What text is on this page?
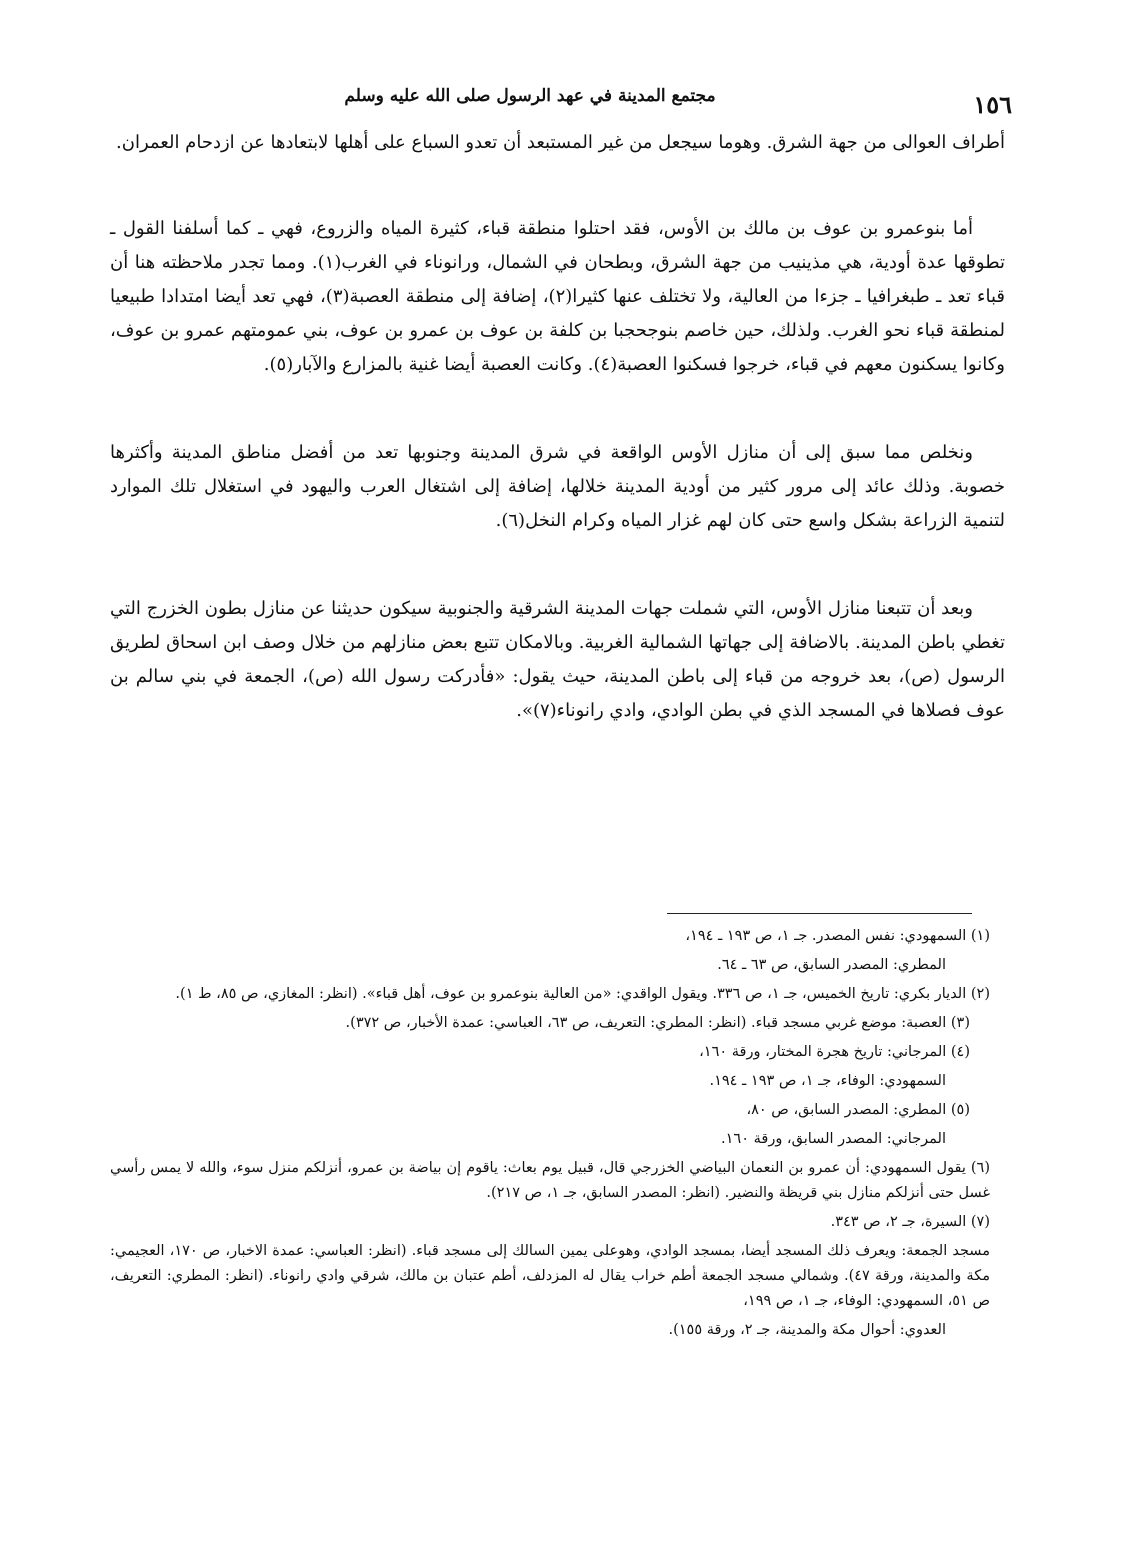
مجتمع المدينة في عهد الرسول صلى الله عليه وسلم	١٥٦

أطراف العوالى من جهة الشرق. وهوما سيجعل من غير المستبعد أن تعدو السباع على أهلها لابتعادها عن ازدحام العمران.

أما بنوعمرو بن عوف بن مالك بن الأوس، فقد احتلوا منطقة قباء، كثيرة المياه والزروع، فهي ـ كما أسلفنا القول ـ تطوقها عدة أودية، هي مذينيب من جهة الشرق، وبطحان في الشمال، ورانوناء في الغرب(١). ومما تجدر ملاحظته هنا أن قباء تعد ـ طبغرافيا ـ جزءا من العالية، ولا تختلف عنها كثيرا(٢)، إضافة إلى منطقة العصبة(٣)، فهي تعد أيضا امتدادا طبيعيا لمنطقة قباء نحو الغرب. ولذلك، حين خاصم بنوجحجبا بن كلفة بن عوف بن عمرو بن عوف، بني عمومتهم عمرو بن عوف، وكانوا يسكنون معهم في قباء، خرجوا فسكنوا العصبة(٤). وكانت العصبة أيضا غنية بالمزارع والآبار(٥).

ونخلص مما سبق إلى أن منازل الأوس الواقعة في شرق المدينة وجنوبها تعد من أفضل مناطق المدينة وأكثرها خصوبة. وذلك عائد إلى مرور كثير من أودية المدينة خلالها، إضافة إلى اشتغال العرب واليهود في استغلال تلك الموارد لتنمية الزراعة بشكل واسع حتى كان لهم غزار المياه وكرام النخل(٦).

وبعد أن تتبعنا منازل الأوس، التي شملت جهات المدينة الشرقية والجنوبية سيكون حديثنا عن منازل بطون الخزرج التي تغطي باطن المدينة. بالاضافة إلى جهاتها الشمالية الغربية. وبالامكان تتبع بعض منازلهم من خلال وصف ابن اسحاق لطريق الرسول (ص)، بعد خروجه من قباء إلى باطن المدينة، حيث يقول: «فأدركت رسول الله (ص)، الجمعة في بني سالم بن عوف فصلاها في المسجد الذي في بطن الوادي، وادي رانوناء(٧)».

(١) السمهودي: نفس المصدر. جـ ١، ص ١٩٣ ـ ١٩٤،
المطري: المصدر السابق، ص ٦٣ ـ ٦٤.
(٢) الديار بكري: تاريخ الخميس، جـ ١، ص ٣٣٦. ويقول الواقدي: «من العالية بنوعمرو بن عوف، أهل قباء». (انظر: المغازي، ص ٨٥، ط ١).
(٣) العصبة: موضع غربي مسجد قباء. (انظر: المطري: التعريف، ص ٦٣، العباسي: عمدة الأخبار، ص ٣٧٢).
(٤) المرجاني: تاريخ هجرة المختار، ورقة ١٦٠،
السمهودي: الوفاء، جـ ١، ص ١٩٣ ـ ١٩٤.
(٥) المطري: المصدر السابق، ص ٨٠،
المرجاني: المصدر السابق، ورقة ١٦٠.
(٦) يقول السمهودي: أن عمرو بن النعمان البياضي الخزرجي قال، قبيل يوم بعاث: ياقوم إن بياضة بن عمرو، أنزلكم منزل سوء، والله لا يمس رأسي غسل حتى أنزلكم منازل بني قريظة والنضير. (انظر: المصدر السابق، جـ ١، ص ٢١٧).
(٧) السيرة، جـ ٢، ص ٣٤٣.
مسجد الجمعة: ويعرف ذلك المسجد أيضا، بمسجد الوادي، وهوعلى يمين السالك إلى مسجد قباء. (انظر: العباسي: عمدة الاخبار، ص ١٧٠، العجيمي: مكة والمدينة، ورقة ٤٧). وشمالي مسجد الجمعة أطم خراب يقال له المزدلف، أطم عتبان بن مالك، شرقي وادي رانوناء. (انظر: المطري: التعريف، ص ٥١، السمهودي: الوفاء، جـ ١، ص ١٩٩،
العدوي: أحوال مكة والمدينة، جـ ٢، ورقة ١٥٥).
